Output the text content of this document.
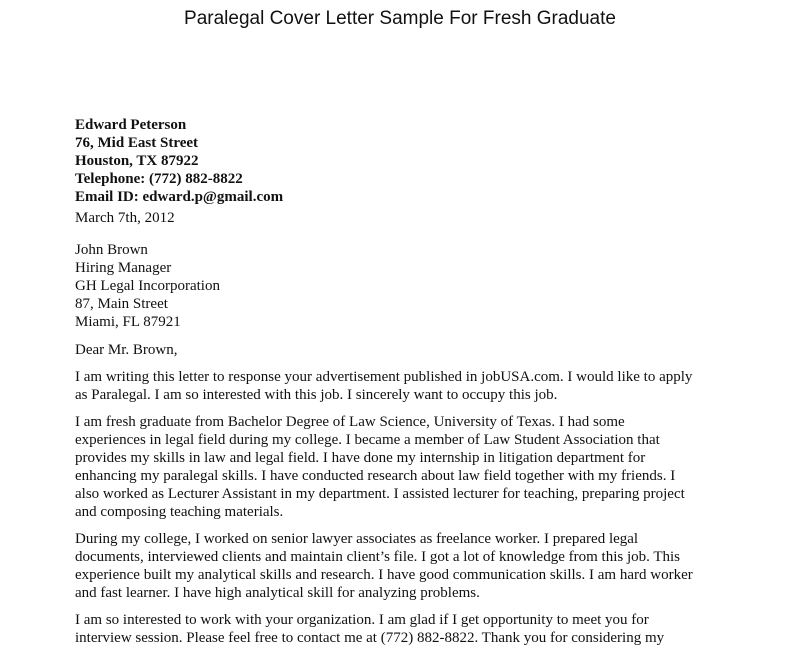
Paralegal Cover Letter Sample For Fresh Graduate
Edward Peterson
76, Mid East Street
Houston, TX 87922
Telephone: (772) 882-8822
Email ID: edward.p@gmail.com
March 7th, 2012
John Brown
Hiring Manager
GH Legal Incorporation
87, Main Street
Miami, FL 87921
Dear Mr. Brown,
I am writing this letter to response your advertisement published in jobUSA.com. I would like to apply
as Paralegal. I am so interested with this job. I sincerely want to occupy this job.
I am fresh graduate from Bachelor Degree of Law Science, University of Texas. I had some
experiences in legal field during my college. I became a member of Law Student Association that
provides my skills in law and legal field. I have done my internship in litigation department for
enhancing my paralegal skills. I have conducted research about law field together with my friends. I
also worked as Lecturer Assistant in my department. I assisted lecturer for teaching, preparing project
and composing teaching materials.
During my college, I worked on senior lawyer associates as freelance worker. I prepared legal
documents, interviewed clients and maintain client’s file. I got a lot of knowledge from this job. This
experience built my analytical skills and research. I have good communication skills. I am hard worker
and fast learner. I have high analytical skill for analyzing problems.
I am so interested to work with your organization. I am glad if I get opportunity to meet you for
interview session. Please feel free to contact me at (772) 882-8822. Thank you for considering my
